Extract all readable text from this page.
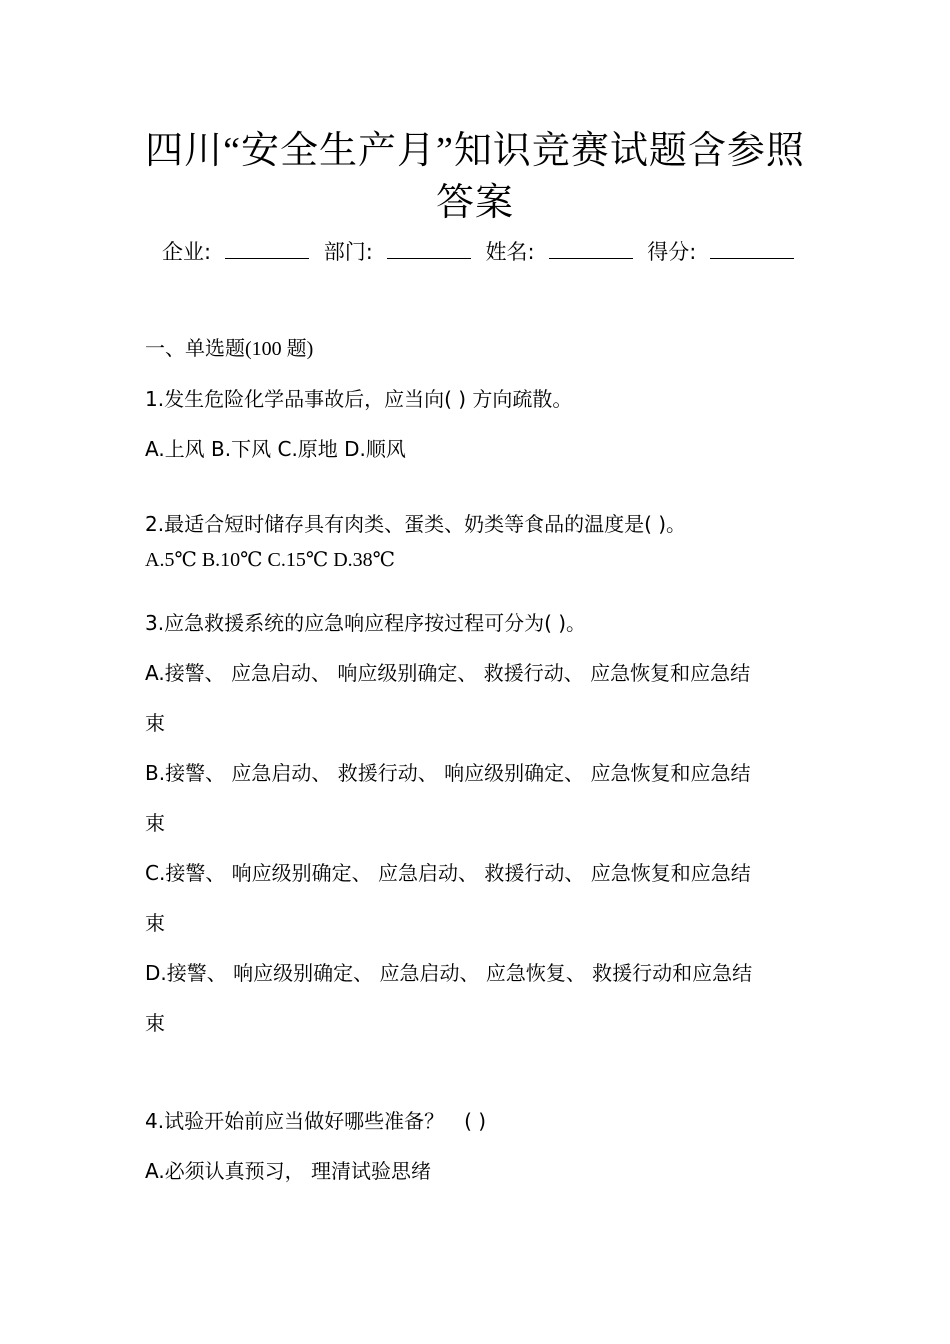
四川“安全生产月”知识竞赛试题含参照
答案
企业:	部门:	姓名:	得分:
一、单选题(100 题)
1.发生危险化学品事故后，应当向( ) 方向疏散。
A.上风 B.下风 C.原地 D.顺风
2.最适合短时储存具有肉类、蛋类、奶类等食品的温度是( )。
A.5℃ B.10℃ C.15℃ D.38℃
3.应急救援系统的应急响应程序按过程可分为( )。
A.接警、 应急启动、 响应级别确定、 救援行动、 应急恢复和应急结
束
B.接警、 应急启动、 救援行动、 响应级别确定、 应急恢复和应急结
束
C.接警、 响应级别确定、 应急启动、 救援行动、 应急恢复和应急结
束
D.接警、 响应级别确定、 应急启动、 应急恢复、 救援行动和应急结
束
4.试验开始前应当做好哪些准备？　( )
A.必须认真预习， 理清试验思绪
